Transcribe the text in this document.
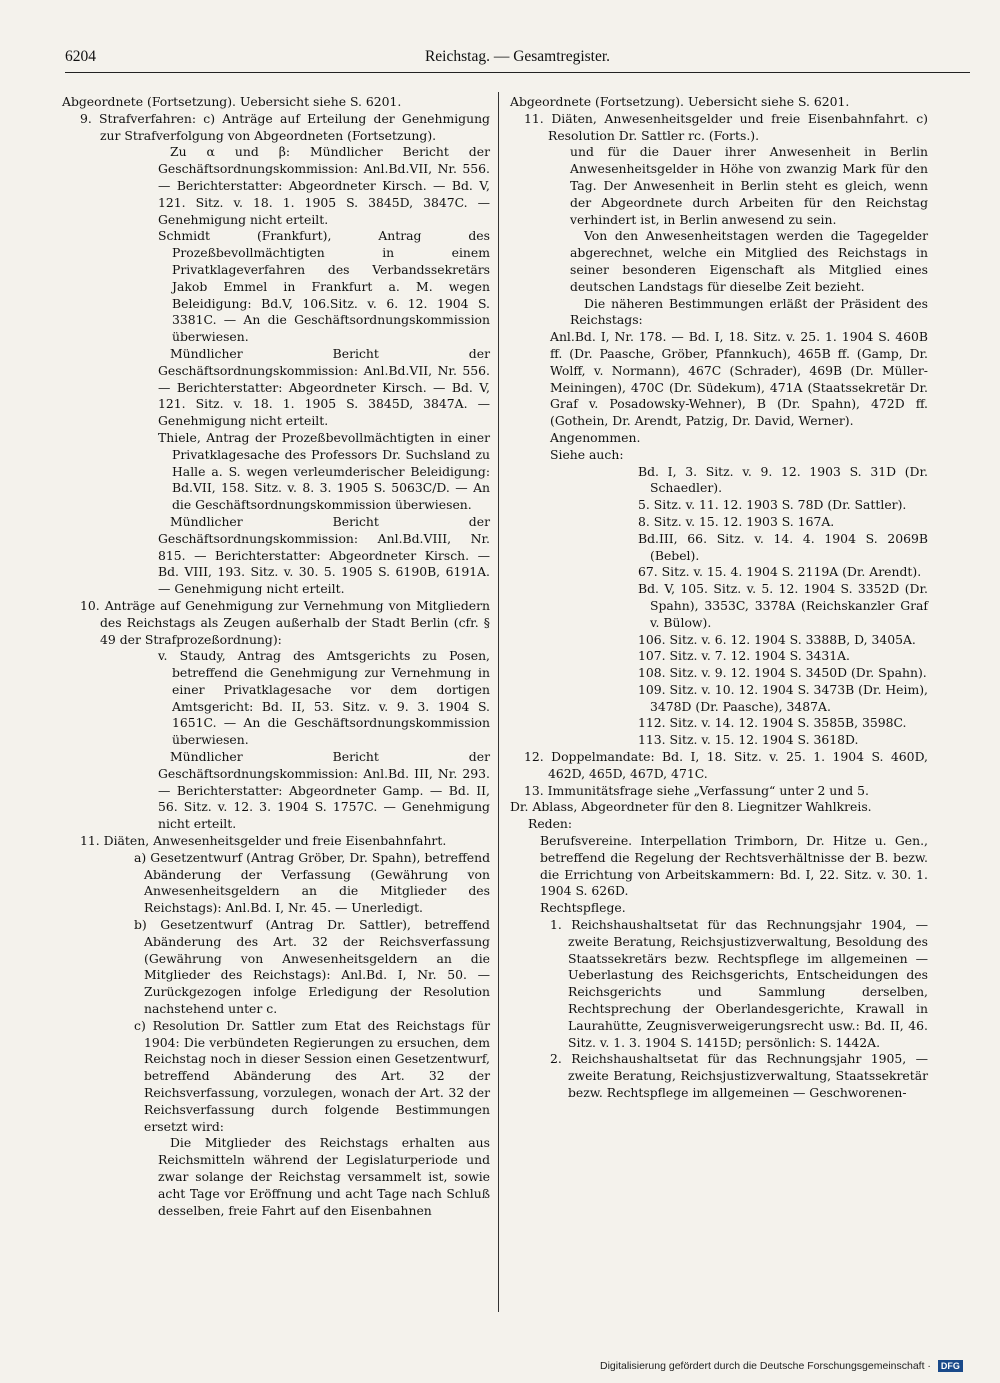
6204	Reichstag. — Gesamtregister.
Abgeordnete (Fortsetzung). Uebersicht siehe S. 6201.
9. Strafverfahren: c) Anträge auf Erteilung der Genehmigung zur Strafverfolgung von Abgeordneten (Fortsetzung).
Zu α und β: Mündlicher Bericht der Geschäftsordnungskommission: Anl.Bd.VII, Nr. 556. — Berichterstatter: Abgeordneter Kirsch. — Bd. V, 121. Sitz. v. 18. 1. 1905 S. 3845D, 3847C. — Genehmigung nicht erteilt.
Schmidt (Frankfurt), Antrag des Prozeßbevollmächtigten in einem Privatklageverfahren des Verbandssekretärs Jakob Emmel in Frankfurt a. M. wegen Beleidigung: Bd.V, 106.Sitz. v. 6. 12. 1904 S. 3381C. — An die Geschäftsordnungskommission überwiesen.
Mündlicher Bericht der Geschäftsordnungskommission: Anl.Bd.VII, Nr. 556. — Berichterstatter: Abgeordneter Kirsch. — Bd. V, 121. Sitz. v. 18. 1. 1905 S. 3845D, 3847A. — Genehmigung nicht erteilt.
Thiele, Antrag der Prozeßbevollmächtigten in einer Privatklagesache des Professors Dr. Suchsland zu Halle a. S. wegen verleumderischer Beleidigung: Bd.VII, 158. Sitz. v. 8. 3. 1905 S. 5063C/D. — An die Geschäftsordnungskommission überwiesen.
Mündlicher Bericht der Geschäftsordnungskommission: Anl.Bd.VIII, Nr. 815. — Berichterstatter: Abgeordneter Kirsch. — Bd. VIII, 193. Sitz. v. 30. 5. 1905 S. 6190B, 6191A. — Genehmigung nicht erteilt.
10. Anträge auf Genehmigung zur Vernehmung von Mitgliedern des Reichstags als Zeugen außerhalb der Stadt Berlin (cfr. § 49 der Strafprozeßordnung):
v. Staudy, Antrag des Amtsgerichts zu Posen, betreffend die Genehmigung zur Vernehmung in einer Privatklagesache vor dem dortigen Amtsgericht: Bd. II, 53. Sitz. v. 9. 3. 1904 S. 1651C. — An die Geschäftsordnungskommission überwiesen.
Mündlicher Bericht der Geschäftsordnungskommission: Anl.Bd. III, Nr. 293. — Berichterstatter: Abgeordneter Gamp. — Bd. II, 56. Sitz. v. 12. 3. 1904 S. 1757C. — Genehmigung nicht erteilt.
11. Diäten, Anwesenheitsgelder und freie Eisenbahnfahrt.
a) Gesetzentwurf (Antrag Gröber, Dr. Spahn), betreffend Abänderung der Verfassung (Gewährung von Anwesenheitsgeldern an die Mitglieder des Reichstags): Anl.Bd. I, Nr. 45. — Unerledigt.
b) Gesetzentwurf (Antrag Dr. Sattler), betreffend Abänderung des Art. 32 der Reichsverfassung (Gewährung von Anwesenheitsgeldern an die Mitglieder des Reichstags): Anl.Bd. I, Nr. 50. — Zurückgezogen infolge Erledigung der Resolution nachstehend unter c.
c) Resolution Dr. Sattler zum Etat des Reichstags für 1904: Die verbündeten Regierungen zu ersuchen, dem Reichstag noch in dieser Session einen Gesetzentwurf, betreffend Abänderung des Art. 32 der Reichsverfassung, vorzulegen, wonach der Art. 32 der Reichsverfassung durch folgende Bestimmungen ersetzt wird:
Die Mitglieder des Reichstags erhalten aus Reichsmitteln während der Legislaturperiode und zwar solange der Reichstag versammelt ist, sowie acht Tage vor Eröffnung und acht Tage nach Schluß desselben, freie Fahrt auf den Eisenbahnen
Abgeordnete (Fortsetzung). Uebersicht siehe S. 6201.
11. Diäten, Anwesenheitsgelder und freie Eisenbahnfahrt. c) Resolution Dr. Sattler rc. (Forts.).
und für die Dauer ihrer Anwesenheit in Berlin Anwesenheitsgelder in Höhe von zwanzig Mark für den Tag. Der Anwesenheit in Berlin steht es gleich, wenn der Abgeordnete durch Arbeiten für den Reichstag verhindert ist, in Berlin anwesend zu sein.
Von den Anwesenheitstagen werden die Tagegelder abgerechnet, welche ein Mitglied des Reichstags in seiner besonderen Eigenschaft als Mitglied eines deutschen Landstags für dieselbe Zeit bezieht.
Die näheren Bestimmungen erläßt der Präsident des Reichstags:
Anl.Bd. I, Nr. 178. — Bd. I, 18. Sitz. v. 25. 1. 1904 S. 460B ff. (Dr. Paasche, Gröber, Pfannkuch), 465B ff. (Gamp, Dr. Wolff, v. Normann), 467C (Schrader), 469B (Dr. Müller-Meiningen), 470C (Dr. Südekum), 471A (Staatssekretär Dr. Graf v. Posadowsky-Wehner), B (Dr. Spahn), 472D ff. (Gothein, Dr. Arendt, Patzig, Dr. David, Werner).
Angenommen.
Siehe auch:
Bd. I, 3. Sitz. v. 9. 12. 1903 S. 31D (Dr. Schaedler).
5. Sitz. v. 11. 12. 1903 S. 78D (Dr. Sattler).
8. Sitz. v. 15. 12. 1903 S. 167A.
Bd.III, 66. Sitz. v. 14. 4. 1904 S. 2069B (Bebel).
67. Sitz. v. 15. 4. 1904 S. 2119A (Dr. Arendt).
Bd. V, 105. Sitz. v. 5. 12. 1904 S. 3352D (Dr. Spahn), 3353C, 3378A (Reichskanzler Graf v. Bülow).
106. Sitz. v. 6. 12. 1904 S. 3388B, D, 3405A.
107. Sitz. v. 7. 12. 1904 S. 3431A.
108. Sitz. v. 9. 12. 1904 S. 3450D (Dr. Spahn).
109. Sitz. v. 10. 12. 1904 S. 3473B (Dr. Heim), 3478D (Dr. Paasche), 3487A.
112. Sitz. v. 14. 12. 1904 S. 3585B, 3598C.
113. Sitz. v. 15. 12. 1904 S. 3618D.
12. Doppelmandate: Bd. I, 18. Sitz. v. 25. 1. 1904 S. 460D, 462D, 465D, 467D, 471C.
13. Immunitätsfrage siehe „Verfassung“ unter 2 und 5.
Dr. Ablass, Abgeordneter für den 8. Liegnitzer Wahlkreis.
Reden:
Berufsvereine. Interpellation Trimborn, Dr. Hitze u. Gen., betreffend die Regelung der Rechtsverhältnisse der B. bezw. die Errichtung von Arbeitskammern: Bd. I, 22. Sitz. v. 30. 1. 1904 S. 626D.
Rechtspflege.
1. Reichshaushaltsetat für das Rechnungsjahr 1904, — zweite Beratung, Reichsjustizverwaltung, Besoldung des Staatssekretärs bezw. Rechtspflege im allgemeinen — Ueberlastung des Reichsgerichts, Entscheidungen des Reichsgerichts und Sammlung derselben, Rechtsprechung der Oberlandesgerichte, Krawall in Laurahütte, Zeugnisverweigerungsrecht usw.: Bd. II, 46. Sitz. v. 1. 3. 1904 S. 1415D; persönlich: S. 1442A.
2. Reichshaushaltsetat für das Rechnungsjahr 1905, — zweite Beratung, Reichsjustizverwaltung, Staatssekretär bezw. Rechtspflege im allgemeinen — Geschworenen-
Digitalisierung gefördert durch die Deutsche Forschungsgemeinschaft · DFG
